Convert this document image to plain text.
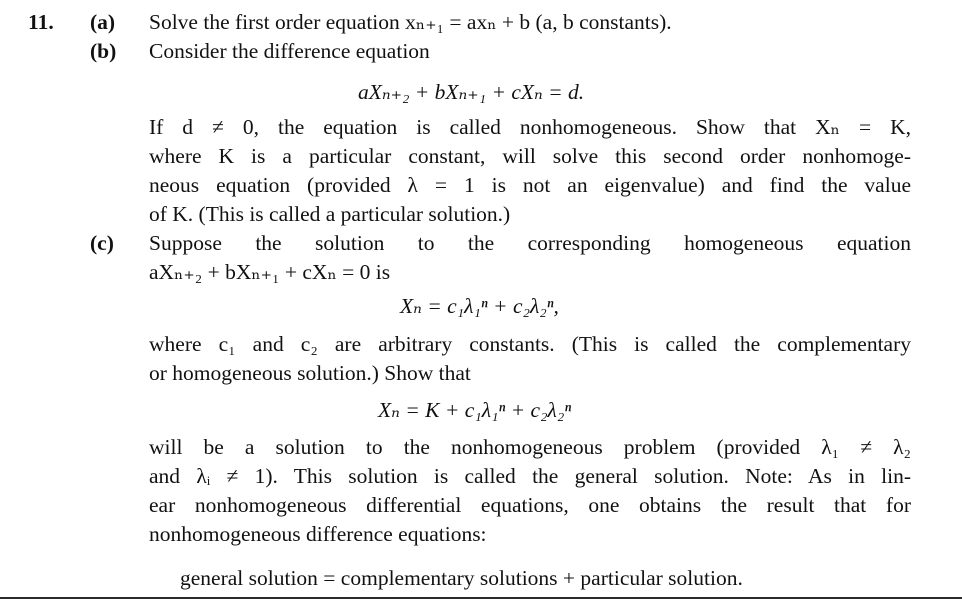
11. (a) Solve the first order equation xₙ₊₁ = axₙ + b (a, b constants).
(b) Consider the difference equation
aXₙ₊₂ + bXₙ₊₁ + cXₙ = d.
If d ≠ 0, the equation is called nonhomogeneous. Show that Xₙ = K,
where K is a particular constant, will solve this second order nonhomoge-
neous equation (provided λ = 1 is not an eigenvalue) and find the value
of K. (This is called a particular solution.)
(c) Suppose the solution to the corresponding homogeneous equation
aXₙ₊₂ + bXₙ₊₁ + cXₙ = 0 is
Xₙ = c₁λ₁ⁿ + c₂λ₂ⁿ,
where c₁ and c₂ are arbitrary constants. (This is called the complementary
or homogeneous solution.) Show that
Xₙ = K + c₁λ₁ⁿ + c₂λ₂ⁿ
will be a solution to the nonhomogeneous problem (provided λ₁ ≠ λ₂
and λᵢ ≠ 1). This solution is called the general solution. Note: As in lin-
ear nonhomogeneous differential equations, one obtains the result that for
nonhomogeneous difference equations:
general solution = complementary solutions + particular solution.
